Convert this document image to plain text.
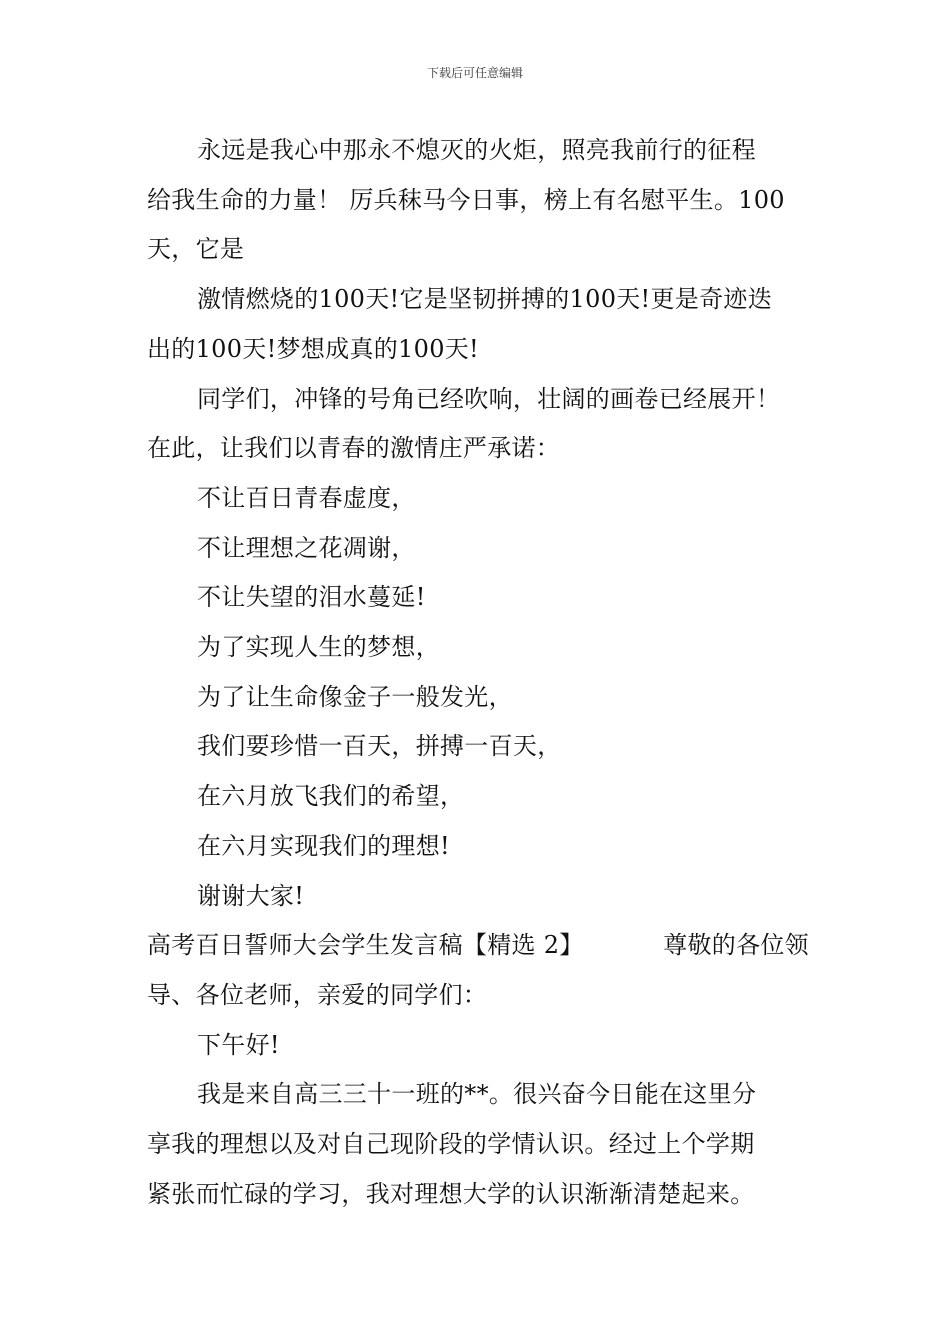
下载后可任意编辑

永远是我心中那永不熄灭的火炬，照亮我前行的征程

给我生命的力量！ 厉兵秣马今日事，榜上有名慰平生。100

天，它是

激情燃烧的100天!它是坚韧拼搏的100天!更是奇迹迭

出的100天!梦想成真的100天!

同学们，冲锋的号角已经吹响，壮阔的画卷已经展开！

在此，让我们以青春的激情庄严承诺：

不让百日青春虚度，

不让理想之花凋谢，

不让失望的泪水蔓延!

为了实现人生的梦想，

为了让生命像金子一般发光，

我们要珍惜一百天，拼搏一百天，

在六月放飞我们的希望，

在六月实现我们的理想!

谢谢大家!

高考百日誓师大会学生发言稿【精选 2】	尊敬的各位领

导、各位老师，亲爱的同学们：

下午好!

我是来自高三三十一班的**。很兴奋今日能在这里分

享我的理想以及对自己现阶段的学情认识。经过上个学期

紧张而忙碌的学习，我对理想大学的认识渐渐清楚起来。
